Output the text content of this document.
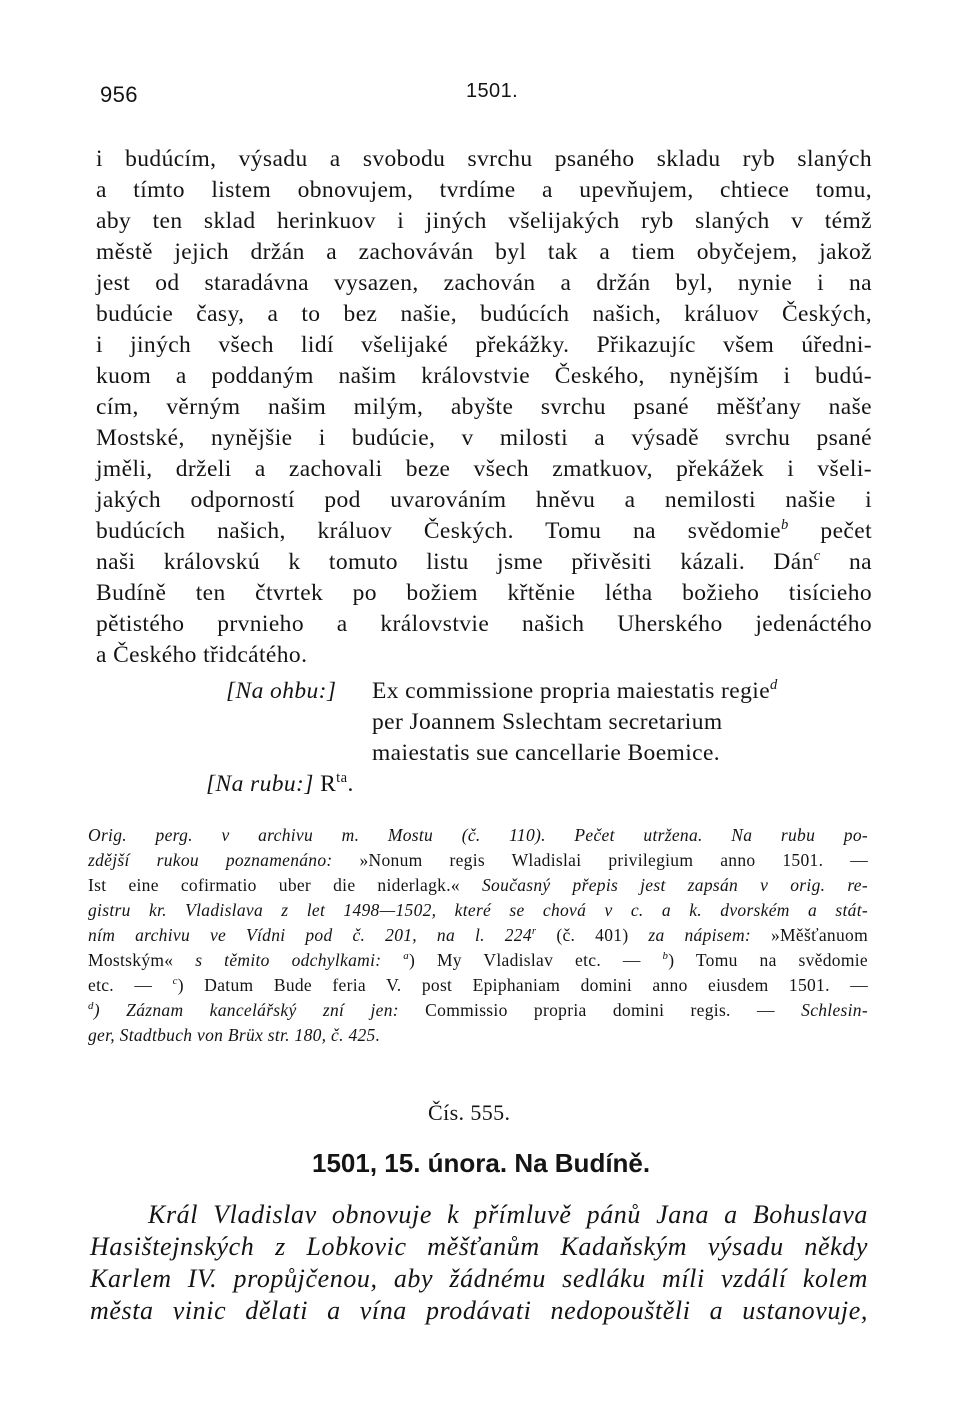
956	1501.
i budúcím, výsadu a svobodu svrchu psaného skladu ryb slaných
a tímto listem obnovujem, tvrdíme a upevňujem, chtiece tomu,
aby ten sklad herinkuov i jiných všelijakých ryb slaných v témž
městě jejich držán a zachováván byl tak a tiem obyčejem, jakož
jest od staradávna vysazen, zachován a držán byl, nynie i na
budúcie časy, a to bez našie, budúcích našich, králuov Českých,
i jiných všech lidí všelijaké překážky. Přikazujíc všem úředni-
kuom a poddaným našim královstvie Českého, nynějším i budú-
cím, věrným našim milým, abyšte svrchu psané měšťany naše
Mostské, nynějšie i budúcie, v milosti a výsadě svrchu psané
jměli, drželi a zachovali beze všech zmatkuov, překážek i všeli-
jakých odporností pod uvarováním hněvu a nemilosti našie i
budúcích našich, králuov Českých. Tomu na svědomie$^b$ pečet
naši královskú k tomuto listu jsme přivěsiti kázali. Dán$^c$ na
Budíně ten čtvrtek po božiem křtěnie létha božieho tisícieho
pětistého prvnieho a královstvie našich Uherského jedenáctého
a Českého třidcátého.
[Na ohbu:] Ex commissione propria maiestatis regie$^d$
per Joannem Sslechtam secretarium
maiestatis sue cancellarie Boemice.
[Na rubu:] $R^{ta}$.
Orig. perg. v archivu m. Mostu (č. 110). Pečet utržena. Na rubu po-
zdější rukou poznamenáno: »Nonum regis Wladislai privilegium anno 1501. —
Ist eine cofirmatio uber die niderlagk.« Současný přepis jest zapsán v orig. re-
gistru kr. Vladislava z let 1498—1502, které se chová v c. a k. dvorském a stát-
ním archivu ve Vídni pod č. 201, na l. 224$^r$ (č. 401) za nápisem: »Měšťanuom
Mostským« s těmito odchylkami: $^a$) My Vladislav etc. — $^b$) Tomu na svědomie
etc. — $^c$) Datum Bude feria V. post Epiphaniam domini anno eiusdem 1501. —
$^d$) Záznam kancelářský zní jen: Commissio propria domini regis. — Schlesin-
ger, Stadtbuch von Brüx str. 180, č. 425.
Čís. 555.
1501, 15. února. Na Budíně.
Král Vladislav obnovuje k přímluvě pánů Jana a Bohuslava
Hasištejnských z Lobkovic měšťanům Kadaňským výsadu někdy
Karlem IV. propůjčenou, aby žádnému sedláku míli vzdálí kolem
města vinic dělati a vína prodávati nedopouštěli a ustanovuje,
